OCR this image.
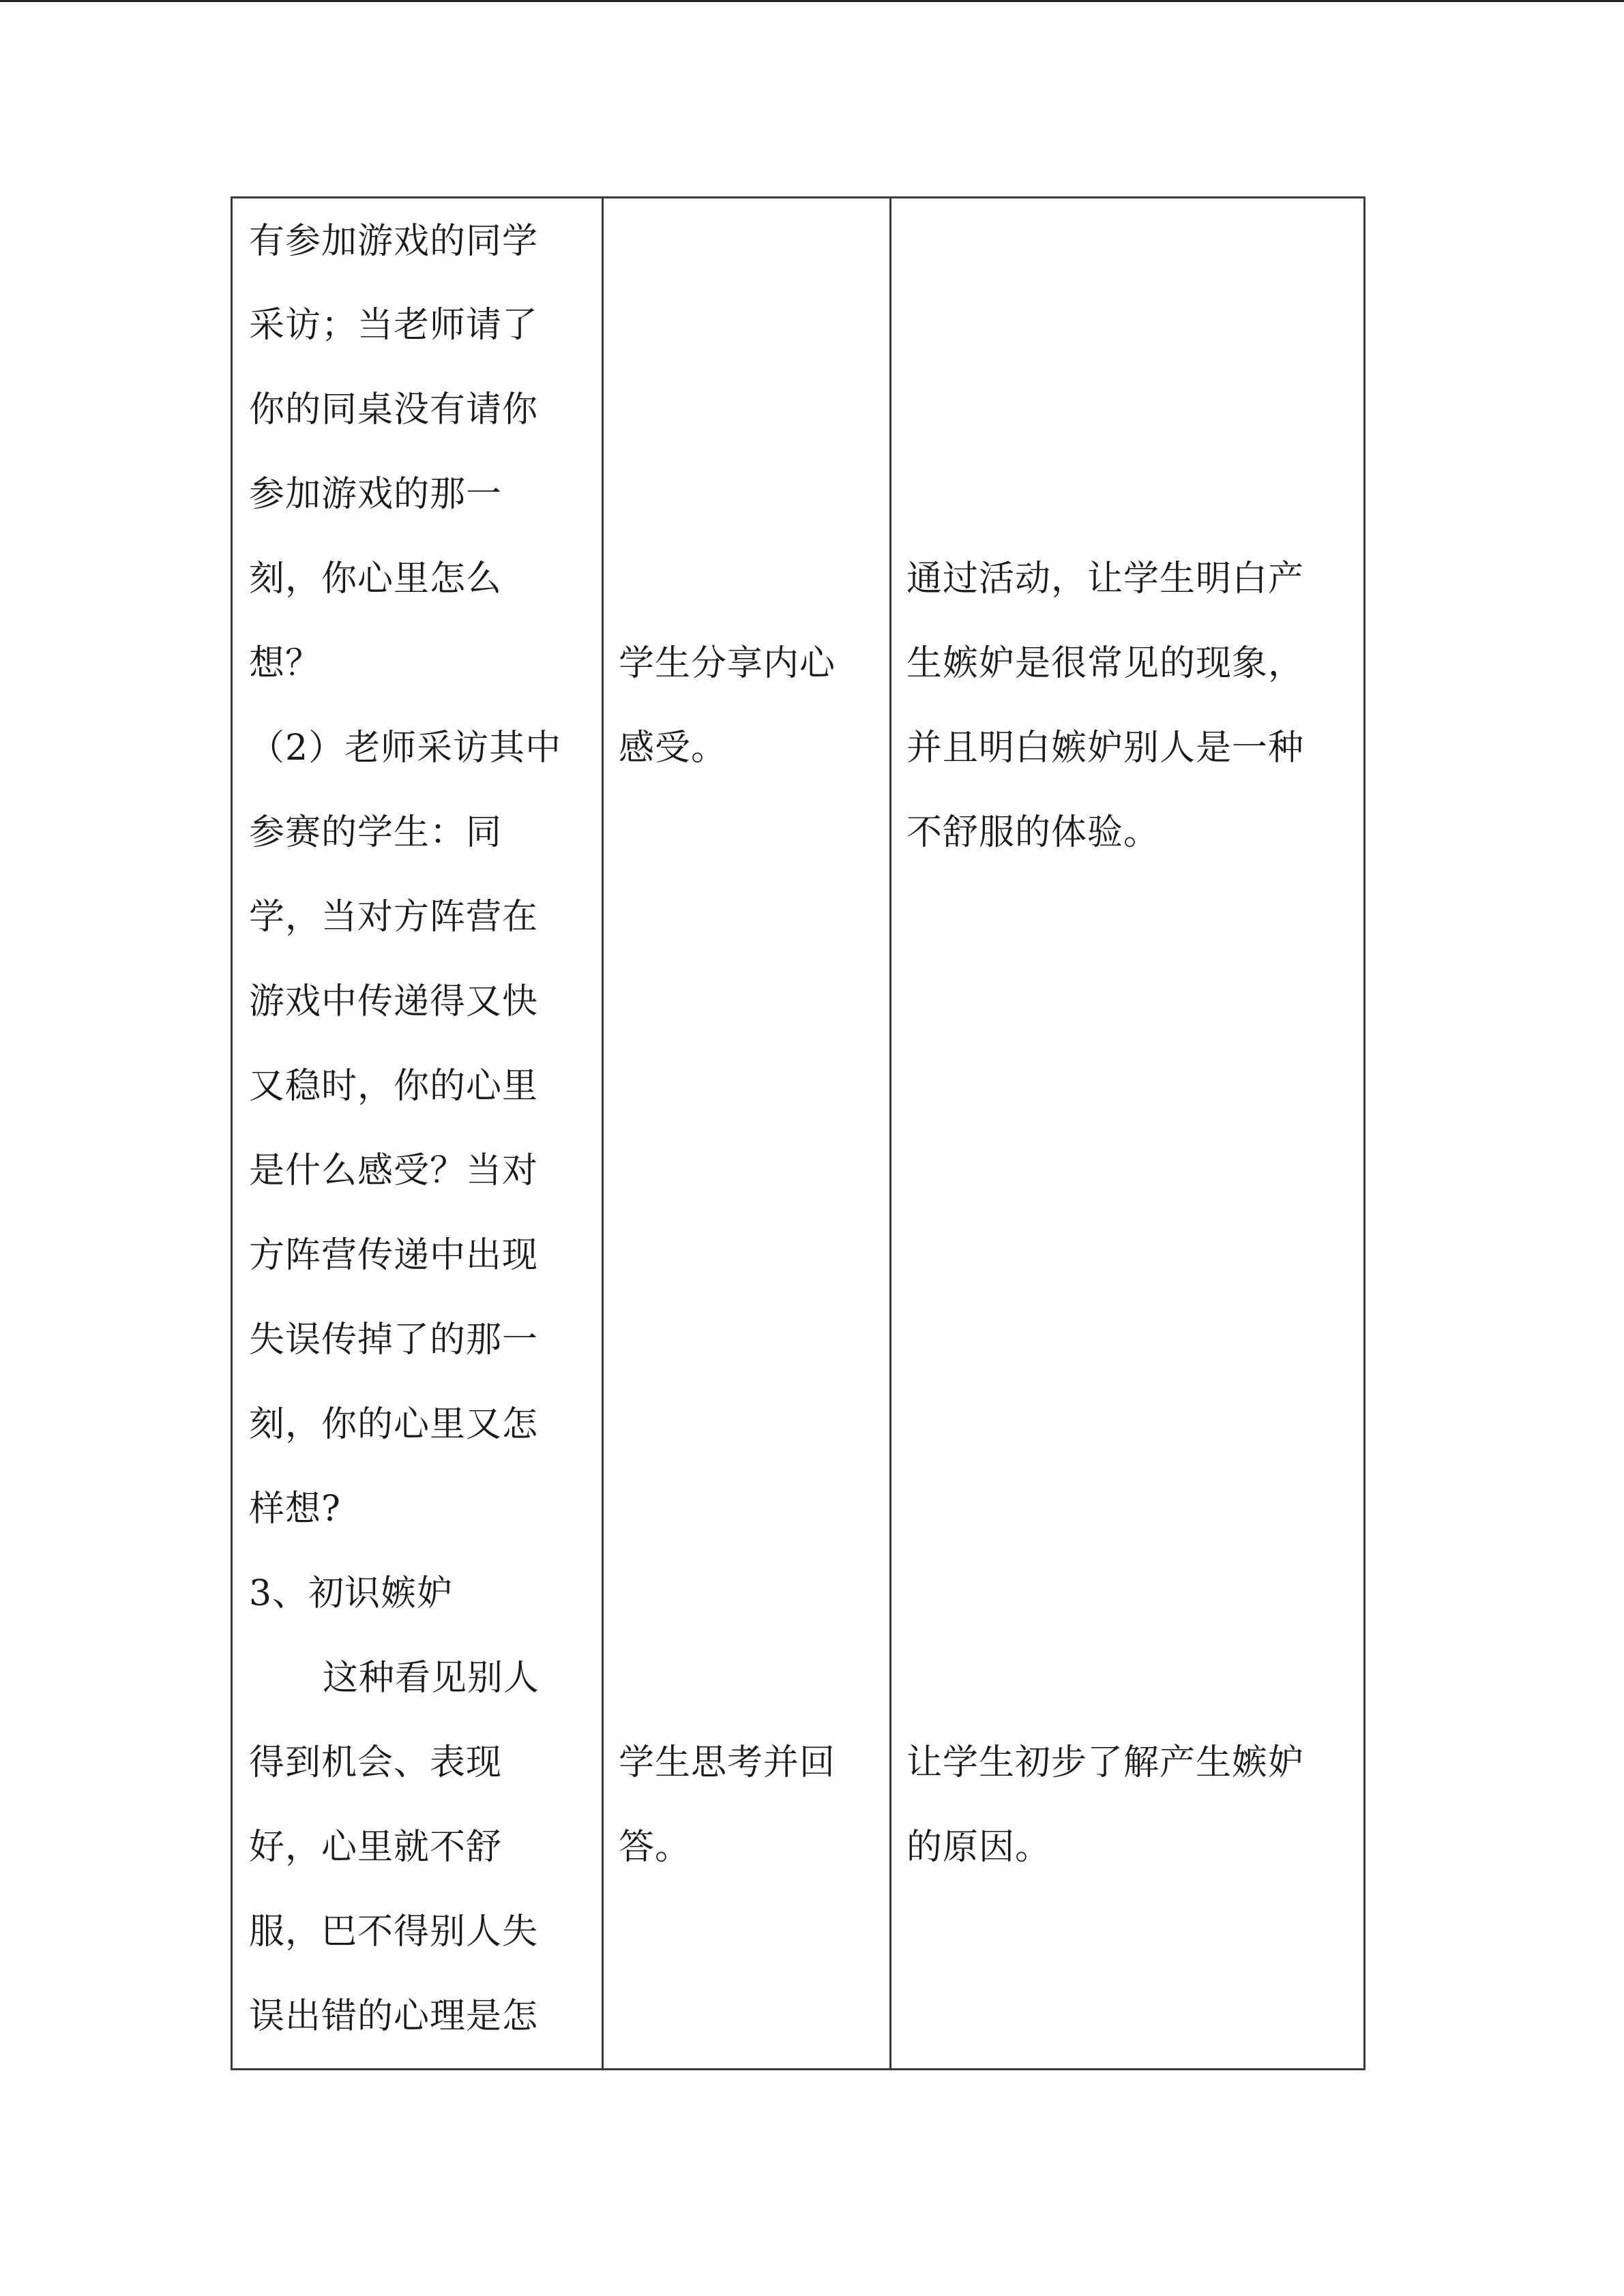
有参加游戏的同学
采访；当老师请了
你的同桌没有请你
参加游戏的那一
刻，你心里怎么
想？
（2）老师采访其中
参赛的学生：同
学，当对方阵营在
游戏中传递得又快
又稳时，你的心里
是什么感受？当对
方阵营传递中出现
失误传掉了的那一
刻，你的心里又怎
样想?
3、初识嫉妒
这种看见别人
得到机会、表现
好，心里就不舒
服，巴不得别人失
误出错的心理是怎
学生分享内心
感受。
学生思考并回
答。
通过活动，让学生明白产
生嫉妒是很常见的现象，
并且明白嫉妒别人是一种
不舒服的体验。
让学生初步了解产生嫉妒
的原因。
